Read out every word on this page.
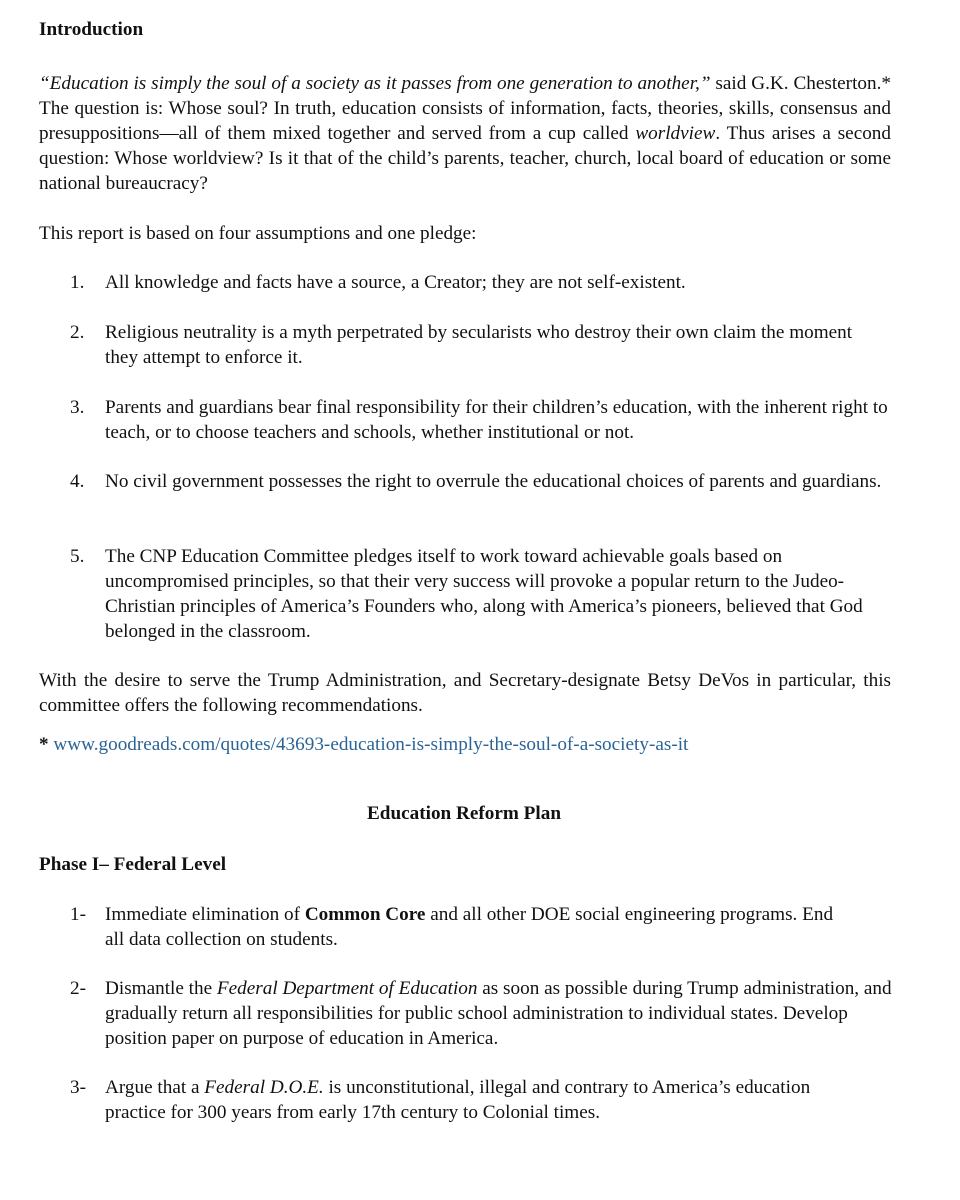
Introduction

“Education is simply the soul of a society as it passes from one generation to another,” said G.K. Chesterton.* The question is: Whose soul? In truth, education consists of information, facts, theories, skills, consensus and presuppositions—all of them mixed together and served from a cup called worldview. Thus arises a second question: Whose worldview? Is it that of the child’s parents, teacher, church, local board of education or some national bureaucracy?

This report is based on four assumptions and one pledge:
1. All knowledge and facts have a source, a Creator; they are not self-existent.

2. Religious neutrality is a myth perpetrated by secularists who destroy their own claim the moment they attempt to enforce it.

3. Parents and guardians bear final responsibility for their children’s education, with the inherent right to teach, or to choose teachers and schools, whether institutional or not.

4. No civil government possesses the right to overrule the educational choices of parents and guardians.

5. The CNP Education Committee pledges itself to work toward achievable goals based on uncompromised principles, so that their very success will provoke a popular return to the Judeo-Christian principles of America’s Founders who, along with America’s pioneers, believed that God belonged in the classroom.

With the desire to serve the Trump Administration, and Secretary-designate Betsy DeVos in particular, this committee offers the following recommendations.

* www.goodreads.com/quotes/43693-education-is-simply-the-soul-of-a-society-as-it
Education Reform Plan
Phase I– Federal Level
1- Immediate elimination of Common Core and all other DOE social engineering programs. End all data collection on students.

2- Dismantle the Federal Department of Education as soon as possible during Trump administration, and gradually return all responsibilities for public school administration to individual states. Develop position paper on purpose of education in America.

3- Argue that a Federal D.O.E. is unconstitutional, illegal and contrary to America’s education practice for 300 years from early 17th century to Colonial times.
